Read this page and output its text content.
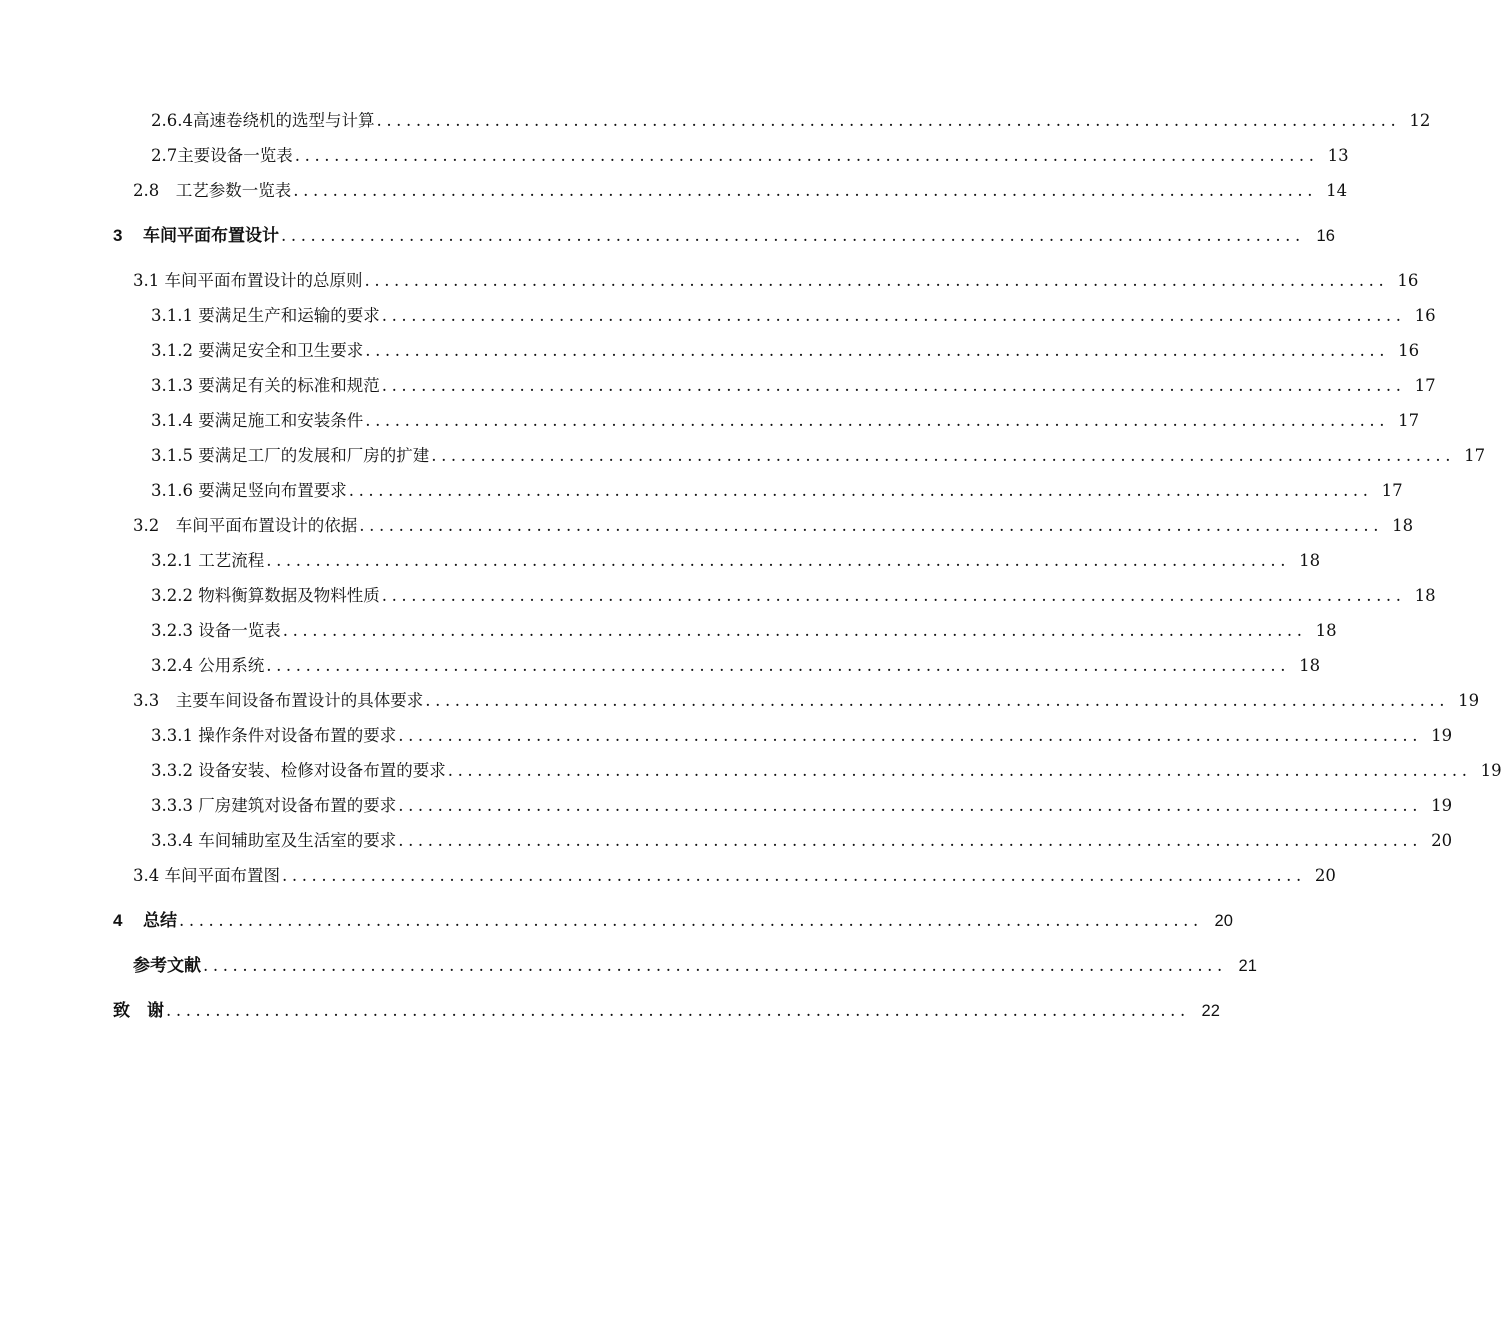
2.6.4高速卷绕机的选型与计算 ........................................................................................................ 12
2.7主要设备一览表 ........................................................................................................ 13
2.8　工艺参数一览表 ........................................................................................................ 14
3 车间平面布置设计 ........................................................................................................ 16
3.1 车间平面布置设计的总原则 ........................................................................................................ 16
3.1.1 要满足生产和运输的要求 ........................................................................................................ 16
3.1.2 要满足安全和卫生要求 ........................................................................................................ 16
3.1.3 要满足有关的标准和规范 ........................................................................................................ 17
3.1.4 要满足施工和安装条件 ........................................................................................................ 17
3.1.5 要满足工厂的发展和厂房的扩建 ........................................................................................................ 17
3.1.6 要满足竖向布置要求 ........................................................................................................ 17
3.2　车间平面布置设计的依据 ........................................................................................................ 18
3.2.1 工艺流程 ........................................................................................................ 18
3.2.2 物料衡算数据及物料性质 ........................................................................................................ 18
3.2.3 设备一览表 ........................................................................................................ 18
3.2.4 公用系统 ........................................................................................................ 18
3.3　主要车间设备布置设计的具体要求 ........................................................................................................ 19
3.3.1 操作条件对设备布置的要求 ........................................................................................................ 19
3.3.2 设备安装、检修对设备布置的要求 ........................................................................................................ 19
3.3.3 厂房建筑对设备布置的要求 ........................................................................................................ 19
3.3.4 车间辅助室及生活室的要求 ........................................................................................................ 20
3.4 车间平面布置图 ........................................................................................................ 20
4 总结 ........................................................................................................ 20
参考文献 ........................................................................................................ 21
致　谢 ........................................................................................................ 22
